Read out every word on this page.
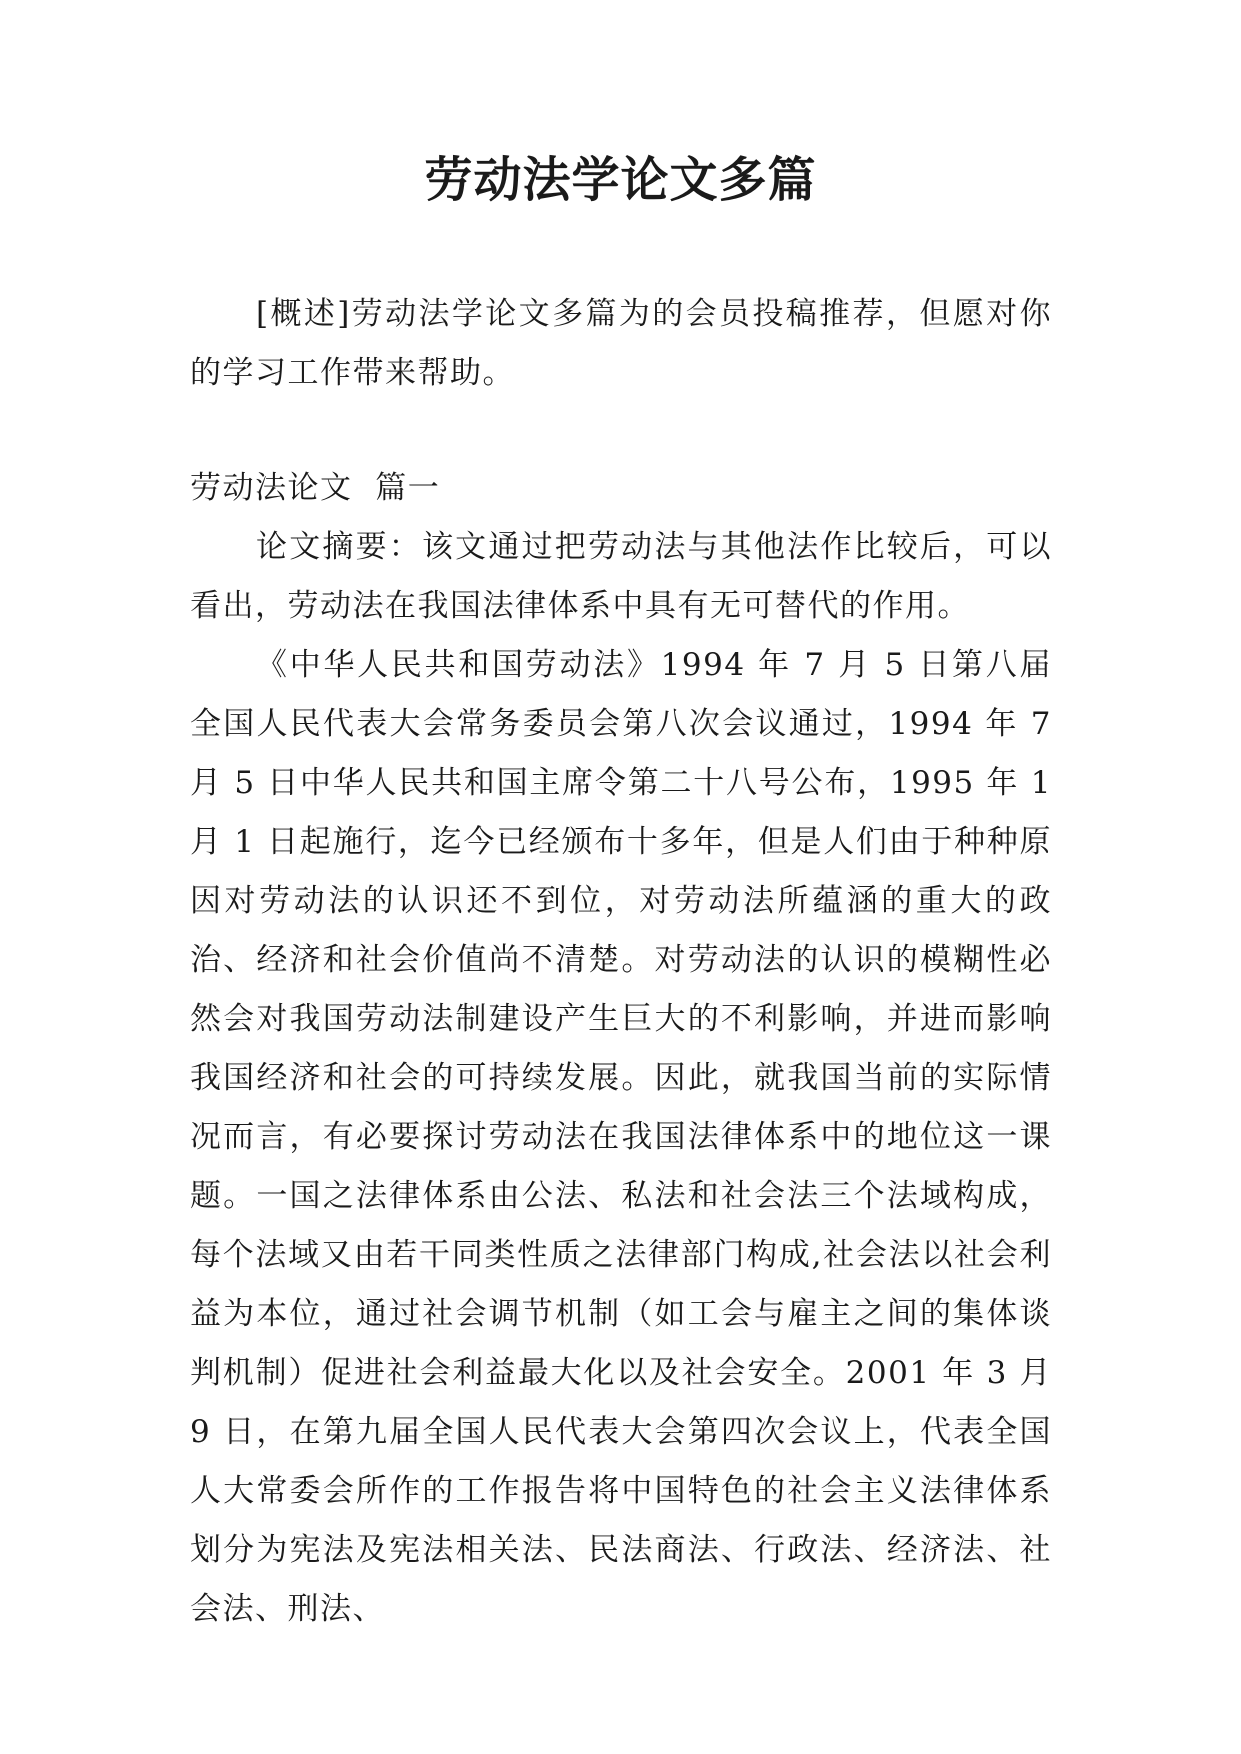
劳动法学论文多篇

[概述]劳动法学论文多篇为的会员投稿推荐，但愿对你的学习工作带来帮助。

劳动法论文  篇一

论文摘要：该文通过把劳动法与其他法作比较后，可以看出，劳动法在我国法律体系中具有无可替代的作用。

《中华人民共和国劳动法》1994 年 7 月 5 日第八届全国人民代表大会常务委员会第八次会议通过，1994 年 7 月 5 日中华人民共和国主席令第二十八号公布，1995 年 1 月 1 日起施行，迄今已经颁布十多年，但是人们由于种种原因对劳动法的认识还不到位，对劳动法所蕴涵的重大的政治、经济和社会价值尚不清楚。对劳动法的认识的模糊性必然会对我国劳动法制建设产生巨大的不利影响，并进而影响我国经济和社会的可持续发展。因此，就我国当前的实际情况而言，有必要探讨劳动法在我国法律体系中的地位这一课题。一国之法律体系由公法、私法和社会法三个法域构成，每个法域又由若干同类性质之法律部门构成,社会法以社会利益为本位，通过社会调节机制（如工会与雇主之间的集体谈判机制）促进社会利益最大化以及社会安全。2001 年 3 月 9 日，在第九届全国人民代表大会第四次会议上，代表全国人大常委会所作的工作报告将中国特色的社会主义法律体系划分为宪法及宪法相关法、民法商法、行政法、经济法、社会法、刑法、
